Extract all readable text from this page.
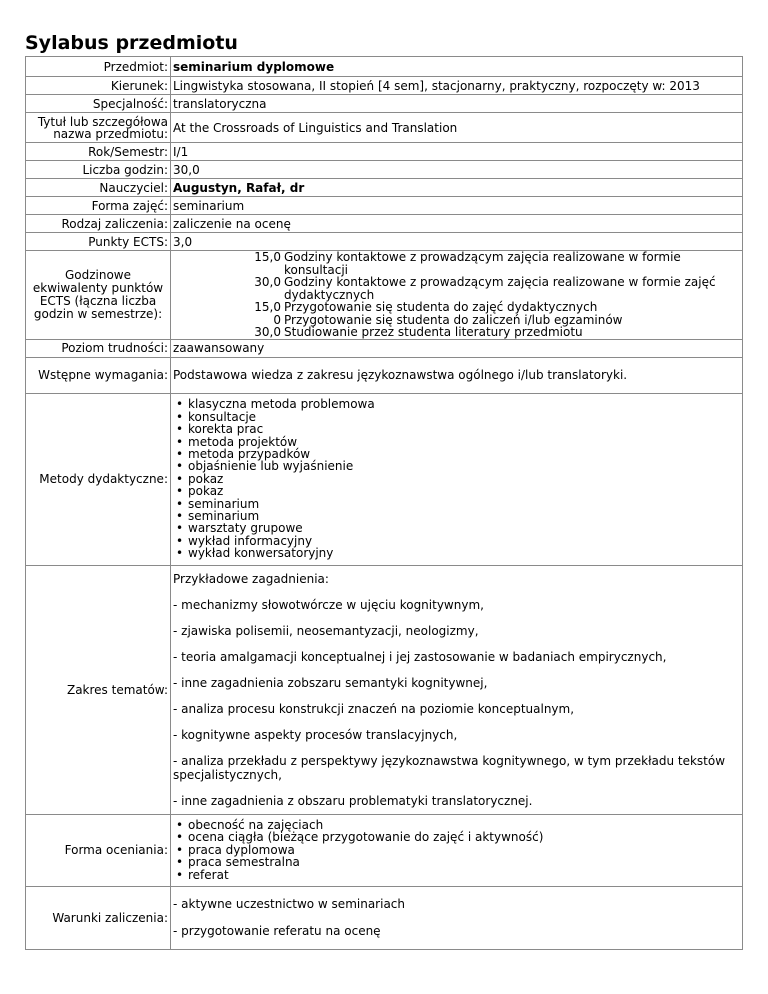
Sylabus przedmiotu
Przedmiot:	seminarium dyplomowe
Kierunek:	Lingwistyka stosowana, II stopień [4 sem], stacjonarny, praktyczny, rozpoczęty w: 2013
Specjalność:	translatoryczna
Tytuł lub szczegółowa nazwa przedmiotu:	At the Crossroads of Linguistics and Translation
Rok/Semestr:	I/1
Liczba godzin:	30,0
Nauczyciel:	Augustyn, Rafał, dr
Forma zajęć:	seminarium
Rodzaj zaliczenia:	zaliczenie na ocenę
Punkty ECTS:	3,0
Godzinowe ekwiwalenty punktów ECTS (łączna liczba godzin w semestrze):	
15,0	Godziny kontaktowe z prowadzącym zajęcia realizowane w formie konsultacji
30,0	Godziny kontaktowe z prowadzącym zajęcia realizowane w formie zajęć dydaktycznych
15,0	Przygotowanie się studenta do zajęć dydaktycznych
0	Przygotowanie się studenta do zaliczeń i/lub egzaminów
30,0	Studiowanie przez studenta literatury przedmiotu

Poziom trudności:	zaawansowany
Wstępne wymagania:	Podstawowa wiedza z zakresu językoznawstwa ogólnego i/lub translatoryki.
Metody dydaktyczne:	
• klasyczna metoda problemowa
• konsultacje
• korekta prac
• metoda projektów
• metoda przypadków
• objaśnienie lub wyjaśnienie
• pokaz
• pokaz
• seminarium
• seminarium
• warsztaty grupowe
• wykład informacyjny
• wykład konwersatoryjny

Zakres tematów:	

Przykładowe zagadnienia:

- mechanizmy słowotwórcze w ujęciu kognitywnym,

- zjawiska polisemii, neosemantyzacji, neologizmy,

- teoria amalgamacji konceptualnej i jej zastosowanie w badaniach empirycznych,

- inne zagadnienia zobszaru semantyki kognitywnej,

- analiza procesu konstrukcji znaczeń na poziomie konceptualnym,

- kognitywne aspekty procesów translacyjnych,

- analiza przekładu z perspektywy językoznawstwa kognitywnego, w tym przekładu tekstów specjalistycznych,

- inne zagadnienia z obszaru problematyki translatorycznej.

Forma oceniania:	
• obecność na zajęciach
• ocena ciągła (bieżące przygotowanie do zajęć i aktywność)
• praca dyplomowa
• praca semestralna
• referat

Warunki zaliczenia:	

- aktywne uczestnictwo w seminariach

- przygotowanie referatu na ocenę
